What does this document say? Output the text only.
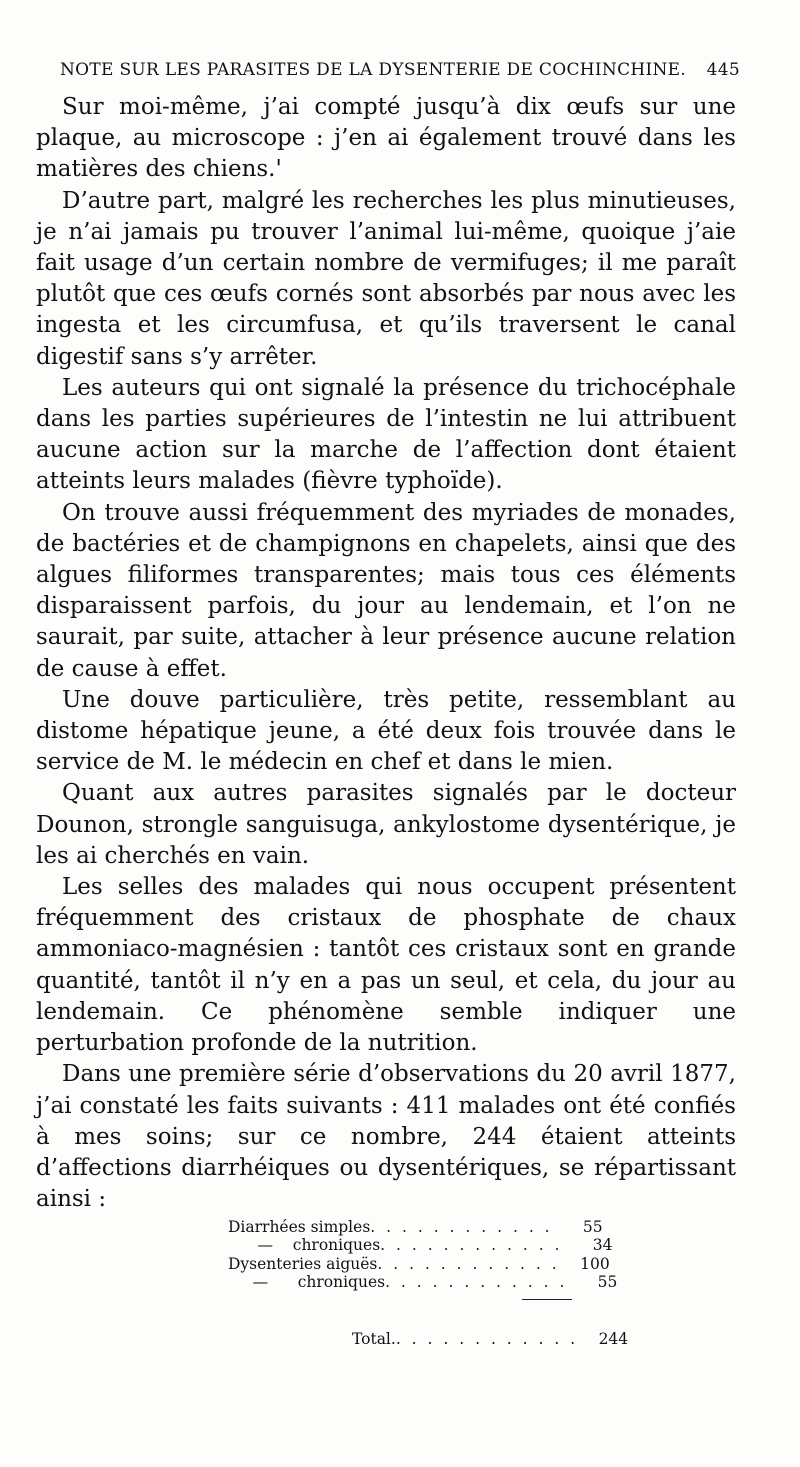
NOTE SUR LES PARASITES DE LA DYSENTERIE DE COCHINCHINE. 445

Sur moi-même, j’ai compté jusqu’à dix œufs sur une plaque, au microscope : j’en ai également trouvé dans les matières des chiens.'

D’autre part, malgré les recherches les plus minutieuses, je n’ai jamais pu trouver l’animal lui-même, quoique j’aie fait usage d’un certain nombre de vermifuges; il me paraît plutôt que ces œufs cornés sont absorbés par nous avec les ingesta et les circumfusa, et qu’ils traversent le canal digestif sans s’y arrêter.

Les auteurs qui ont signalé la présence du trichocéphale dans les parties supérieures de l’intestin ne lui attribuent aucune action sur la marche de l’affection dont étaient atteints leurs malades (fièvre typhoïde).

On trouve aussi fréquemment des myriades de monades, de bactéries et de champignons en chapelets, ainsi que des algues filiformes transparentes; mais tous ces éléments disparaissent parfois, du jour au lendemain, et l’on ne saurait, par suite, attacher à leur présence aucune relation de cause à effet.

Une douve particulière, très petite, ressemblant au distome hépatique jeune, a été deux fois trouvée dans le service de M. le médecin en chef et dans le mien.

Quant aux autres parasites signalés par le docteur Dounon, strongle sanguisuga, ankylostome dysentérique, je les ai cherchés en vain.

Les selles des malades qui nous occupent présentent fréquemment des cristaux de phosphate de chaux ammoniaco-magnésien : tantôt ces cristaux sont en grande quantité, tantôt il n’y en a pas un seul, et cela, du jour au lendemain. Ce phénomène semble indiquer une perturbation profonde de la nutrition.

Dans une première série d’observations du 20 avril 1877, j’ai constaté les faits suivants : 411 malades ont été confiés à mes soins; sur ce nombre, 244 étaient atteints d’affections diarrhéiques ou dysentériques, se répartissant ainsi :

Diarrhées simples . . . . . . . . . . . .	55
—    chroniques . . . . . . . . . . . .	34
Dysenteries aiguës . . . . . . . . . . . .	100
—      chroniques . . . . . . . . . . . .	55
Total. . . . . . . . . . . . .	244
